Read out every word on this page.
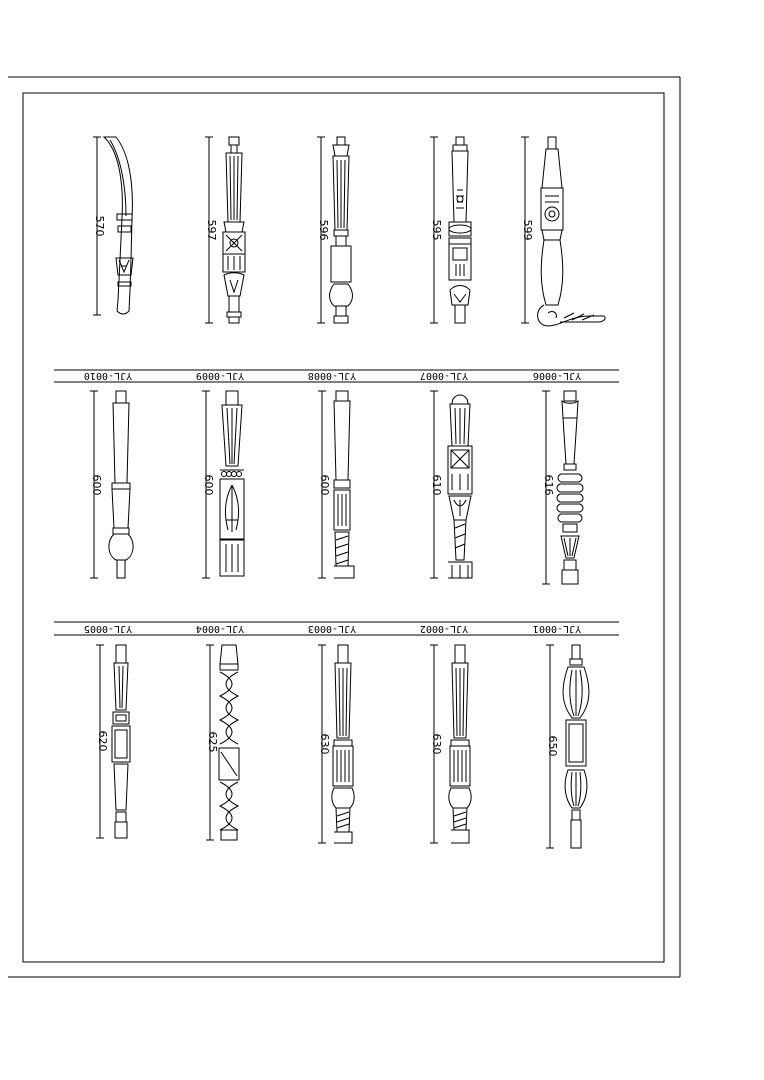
YJL-0010	YJL-0009	YJL-0008	YJL-0007	YJL-0006
YJL-0005	YJL-0004	YJL-0003	YJL-0002	YJL-0001
570	597	596	595	599
600	600	600	610	616
620	625	630	630	650
